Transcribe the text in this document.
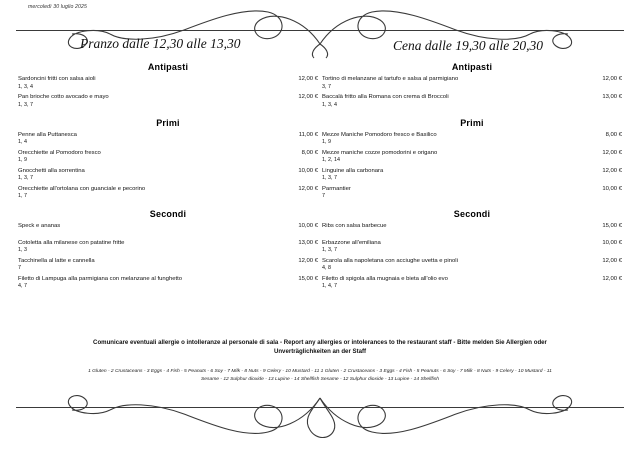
mercoledì 30 luglio 2025
Pranzo dalle 12,30 alle 13,30	Cena dalle 19,30 alle 20,30
Antipasti
Sardoncini fritti con salsa aioli
1, 3, 4
12,00 €
Pan brioche cotto avocado e mayo
1, 3, 7
12,00 €
Primi
Penne alla Puttanesca
1, 4
11,00 €
Orecchiette al Pomodoro fresco
1, 9
8,00 €
Gnocchetti alla sorrentina
1, 3, 7
10,00 €
Orecchiette all'ortolana con guanciale e pecorino
1, 7
12,00 €
Secondi
Speck e ananas	10,00 €
Cotoletta alla milanese con patatine fritte
1, 3
13,00 €
Tacchinella al latte e cannella
7
12,00 €
Filetto di Lampuga alla parmigiana con melanzane al funghetto
4, 7
15,00 €
Antipasti
Tortino di melanzane al tartufo e salsa al parmigiano
3, 7
12,00 €
Baccalà fritto alla Romana con crema di Broccoli
1, 3, 4
13,00 €
Primi
Mezze Maniche Pomodoro fresco e Basilico
1, 9
8,00 €
Mezze maniche cozze pomodorini e origano
1, 2, 14
12,00 €
Linguine alla carbonara
1, 3, 7
12,00 €
Parmantier
7
10,00 €
Secondi
Ribs con salsa barbecue	15,00 €
Erbazzone all'emiliana
1, 3, 7
10,00 €
Scarola alla napoletana con acciughe uvetta e pinoli
4, 8
12,00 €
Filetto di spigola alla mugnaia e bieta all'olio evo
1, 4, 7
12,00 €

Comunicare eventuali allergie o intolleranze al personale di sala - Report any allergies or intolerances to the restaurant staff - Bitte melden Sie Allergien oder

Unverträglichkeiten an der Staff

1 Gluten - 2 Crustaceans - 3 Eggs - 4 Fish - 5 Peanuts - 6 Soy - 7 Milk - 8 Nuts - 9 Celery - 10 Mustard - 11 1 Gluten - 2 Crustaceans - 3 Eggs - 4 Fish - 5 Peanuts - 6 Soy - 7 Milk - 8 Nuts - 9 Celery - 10 Mustard - 11

Sesame - 12 Sulphur dioxide - 13 Lupine - 14 Shellfish Sesame - 12 Sulphur dioxide - 13 Lupine - 14 Shellfish
